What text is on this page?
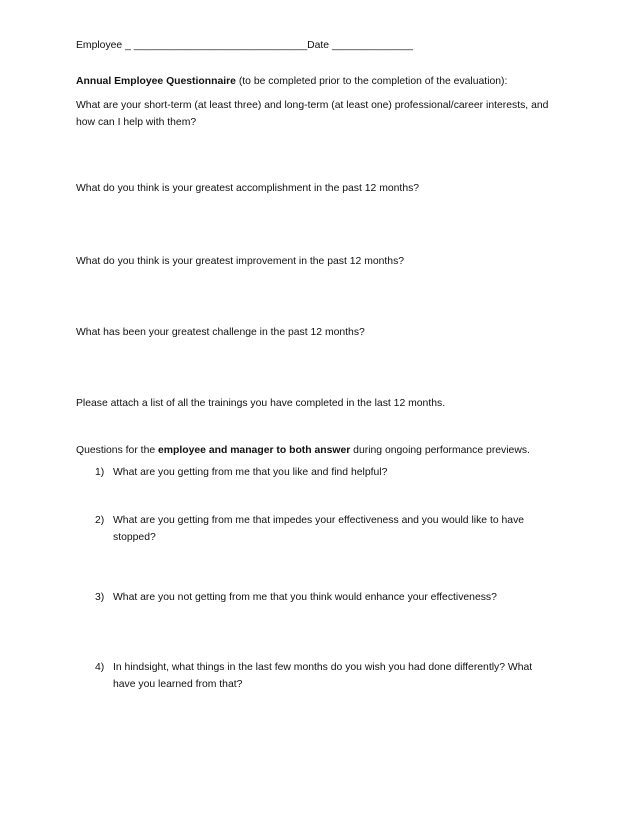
Employee _ ______________________________Date ______________
Annual Employee Questionnaire (to be completed prior to the completion of the evaluation):
What are your short-term (at least three) and long-term (at least one) professional/career interests, and how can I help with them?
What do you think is your greatest accomplishment in the past 12 months?
What do you think is your greatest improvement in the past 12 months?
What has been your greatest challenge in the past 12 months?
Please attach a list of all the trainings you have completed in the last 12 months.
Questions for the employee and manager to both answer during ongoing performance previews.
1) What are you getting from me that you like and find helpful?
2) What are you getting from me that impedes your effectiveness and you would like to have stopped?
3) What are you not getting from me that you think would enhance your effectiveness?
4) In hindsight, what things in the last few months do you wish you had done differently? What have you learned from that?
